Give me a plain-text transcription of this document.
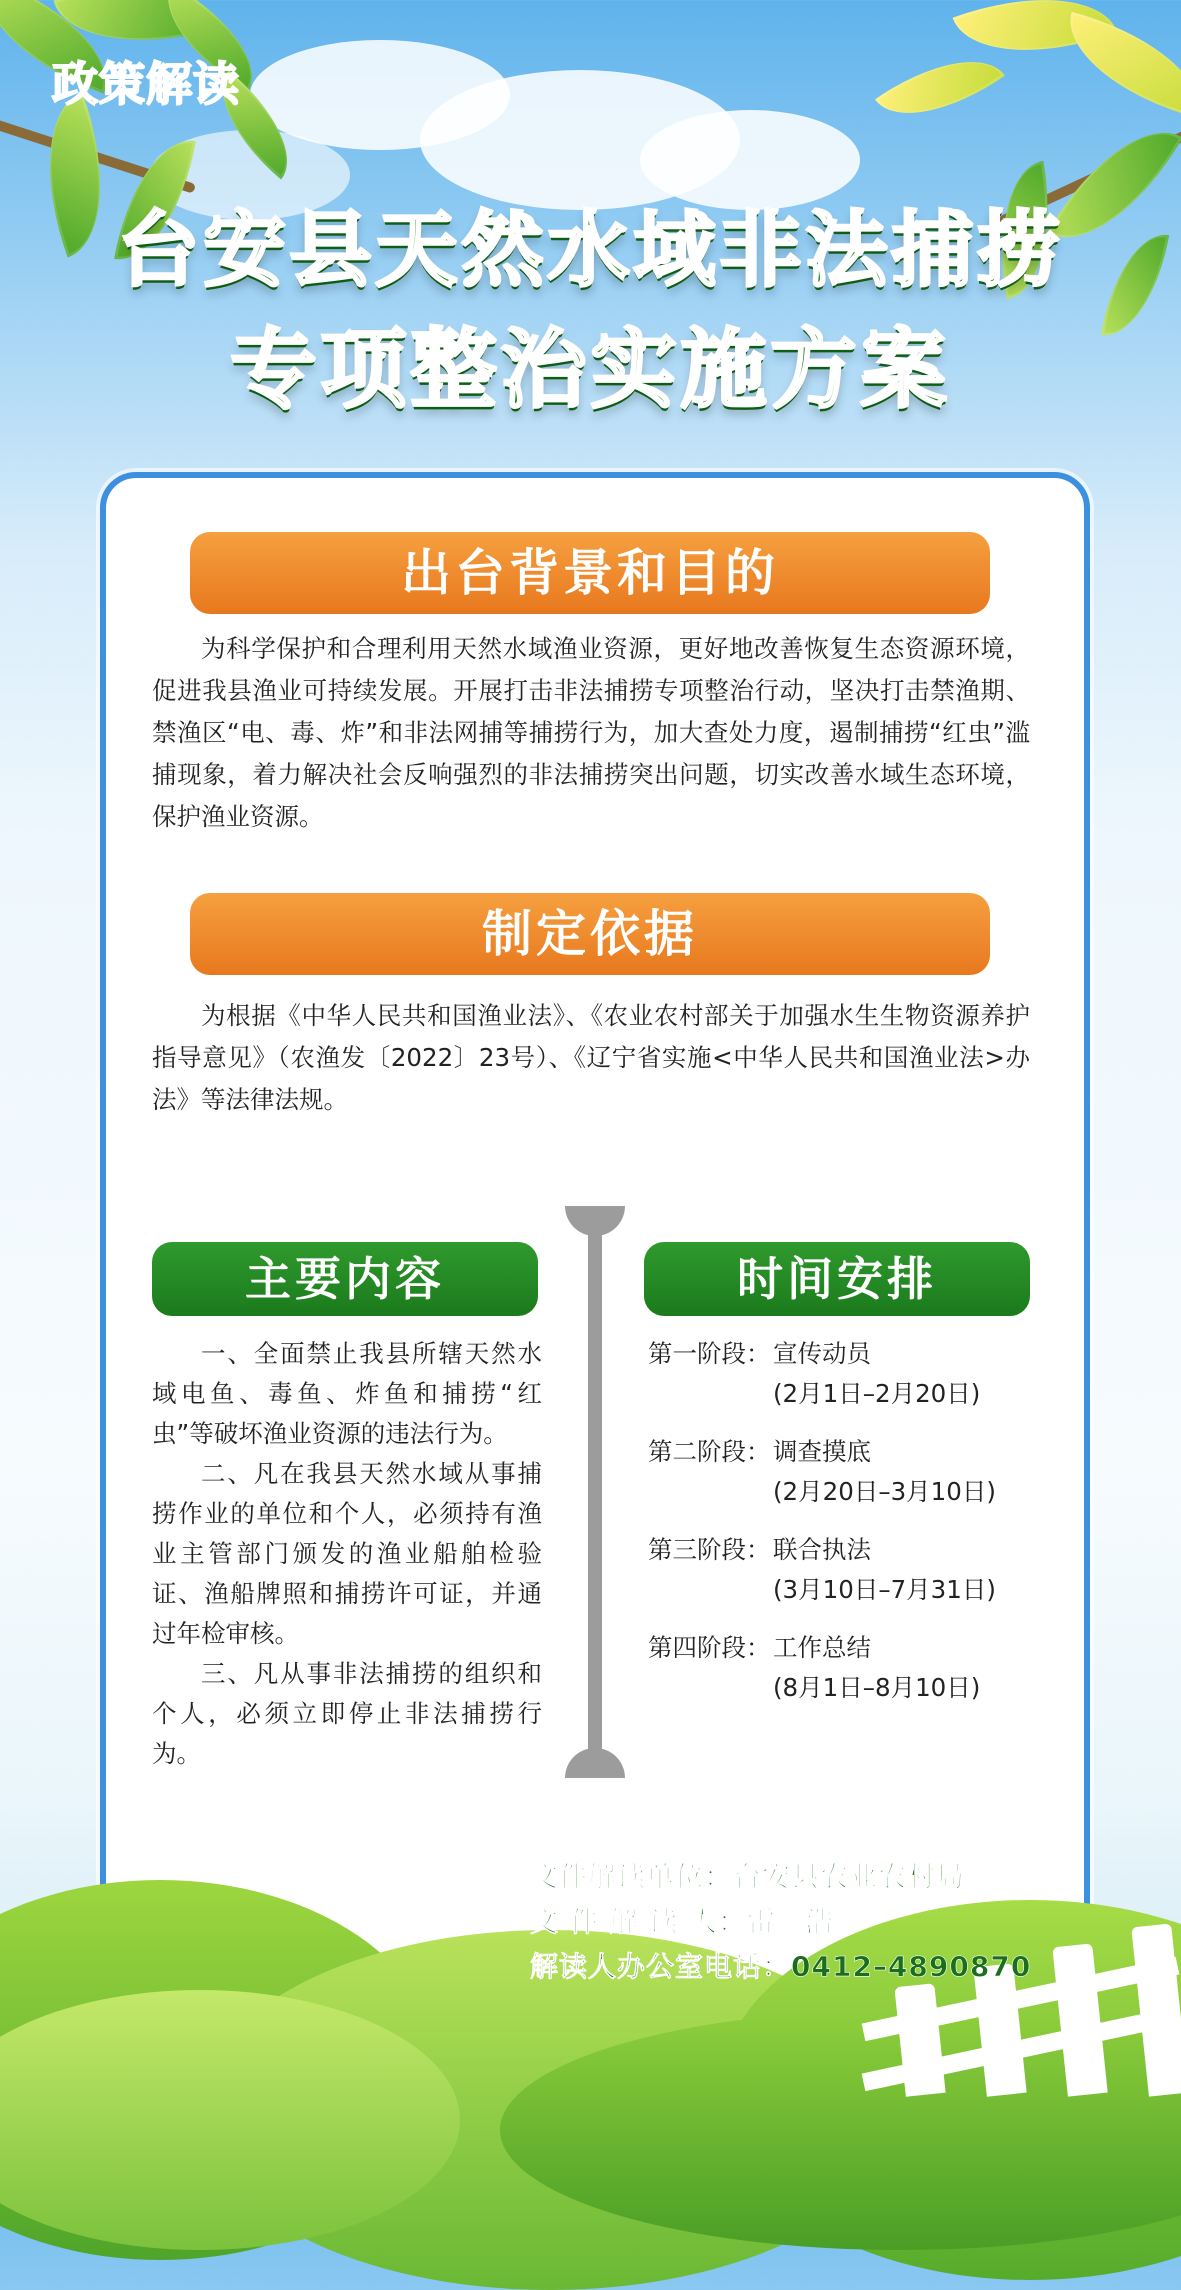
政策解读
台安县天然水域非法捕捞
专项整治实施方案
出台背景和目的
为科学保护和合理利用天然水域渔业资源，更好地改善恢复生态资源环境，促进我县渔业可持续发展。开展打击非法捕捞专项整治行动，坚决打击禁渔期、禁渔区“电、毒、炸”和非法网捕等捕捞行为，加大查处力度，遏制捕捞“红虫”滥捕现象，着力解决社会反响强烈的非法捕捞突出问题，切实改善水域生态环境，保护渔业资源。
制定依据
为根据《中华人民共和国渔业法》、《农业农村部关于加强水生生物资源养护指导意见》（农渔发〔2022〕23号）、《辽宁省实施<中华人民共和国渔业法>办法》等法律法规。
主要内容

一、全面禁止我县所辖天然水域电鱼、毒鱼、炸鱼和捕捞“红虫”等破坏渔业资源的违法行为。

二、凡在我县天然水域从事捕捞作业的单位和个人，必须持有渔业主管部门颁发的渔业船舶检验证、渔船牌照和捕捞许可证，并通过年检审核。

三、凡从事非法捕捞的组织和个人，必须立即停止非法捕捞行为。

时间安排
第一阶段： 宣传动员
(2月1日–2月20日)
第二阶段： 调查摸底
(2月20日–3月10日)
第三阶段： 联合执法
(3月10日–7月31日)
第四阶段： 工作总结
(8月1日–8月10日)
文件解读单位：台安县农业农村局
文 件 解 读 人：雷　浩
解读人办公室电话：0412–4890870
